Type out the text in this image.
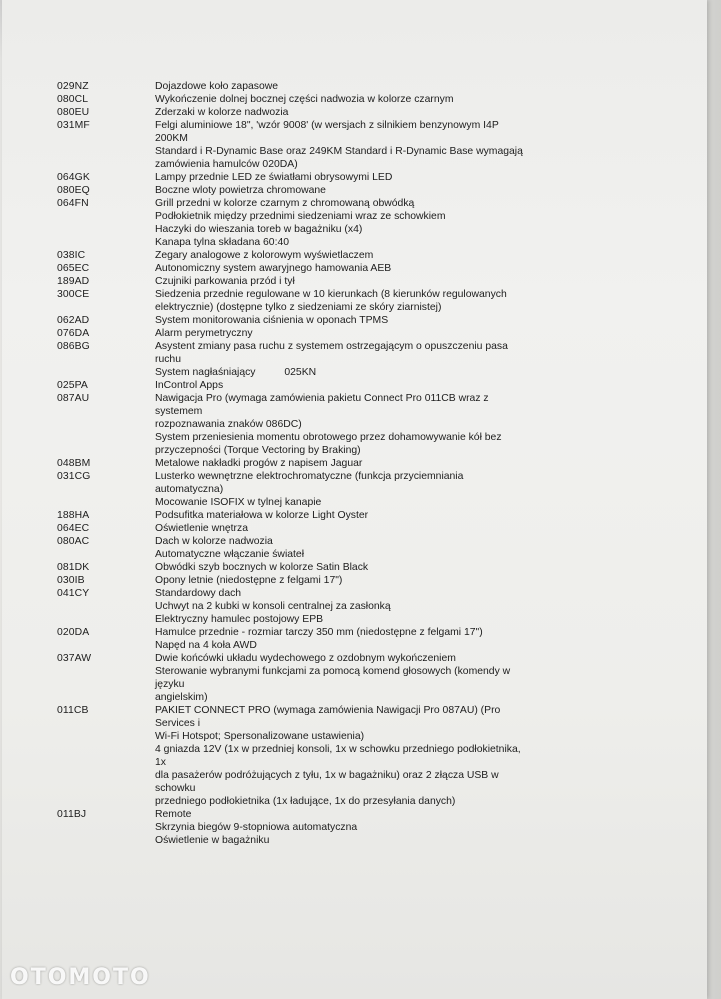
029NZ	Dojazdowe koło zapasowe
080CL	Wykończenie dolnej bocznej części nadwozia w kolorze czarnym
080EU	Zderzaki w kolorze nadwozia
031MF	Felgi aluminiowe 18", 'wzór 9008' (w wersjach z silnikiem benzynowym I4P 200KM
Standard i R-Dynamic Base oraz 249KM Standard i R-Dynamic Base wymagają
zamówienia hamulców 020DA)
064GK	Lampy przednie LED ze światłami obrysowymi LED
080EQ	Boczne wloty powietrza chromowane
064FN	Grill przedni w kolorze czarnym z chromowaną obwódką
Podłokietnik między przednimi siedzeniami wraz ze schowkiem
Haczyki do wieszania toreb w bagażniku (x4)
Kanapa tylna składana 60:40
038IC	Zegary analogowe z kolorowym wyświetlaczem
065EC	Autonomiczny system awaryjnego hamowania AEB
189AD	Czujniki parkowania przód i tył
300CE	Siedzenia przednie regulowane w 10 kierunkach (8 kierunków regulowanych
elektrycznie) (dostępne tylko z siedzeniami ze skóry ziarnistej)
062AD	System monitorowania ciśnienia w oponach TPMS
076DA	Alarm perymetryczny
086BG	Asystent zmiany pasa ruchu z systemem ostrzegającym o opuszczeniu pasa ruchu
System nagłaśniający          025KN
025PA	InControl Apps
087AU	Nawigacja Pro (wymaga zamówienia pakietu Connect Pro 011CB wraz z systemem
rozpoznawania znaków 086DC)
System przeniesienia momentu obrotowego przez dohamowywanie kół bez
przyczepności (Torque Vectoring by Braking)
048BM	Metalowe nakładki progów z napisem Jaguar
031CG	Lusterko wewnętrzne elektrochromatyczne (funkcja przyciemniania automatyczna)
Mocowanie ISOFIX w tylnej kanapie
188HA	Podsufitka materiałowa w kolorze Light Oyster
064EC	Oświetlenie wnętrza
080AC	Dach w kolorze nadwozia
Automatyczne włączanie świateł
081DK	Obwódki szyb bocznych w kolorze Satin Black
030IB	Opony letnie (niedostępne z felgami 17")
041CY	Standardowy dach
Uchwyt na 2 kubki w konsoli centralnej za zasłonką
Elektryczny hamulec postojowy EPB
020DA	Hamulce przednie - rozmiar tarczy 350 mm (niedostępne z felgami 17")
Napęd na 4 koła AWD
037AW	Dwie końcówki układu wydechowego z ozdobnym wykończeniem
Sterowanie wybranymi funkcjami za pomocą komend głosowych (komendy w języku
angielskim)
011CB	PAKIET CONNECT PRO (wymaga zamówienia Nawigacji Pro 087AU) (Pro Services i
Wi-Fi Hotspot; Spersonalizowane ustawienia)
4 gniazda 12V (1x w przedniej konsoli, 1x w schowku przedniego podłokietnika, 1x
dla pasażerów podróżujących z tyłu, 1x w bagażniku) oraz 2 złącza USB w schowku
przedniego podłokietnika (1x ładujące, 1x do przesyłania danych)
011BJ	Remote
Skrzynia biegów 9-stopniowa automatyczna
Oświetlenie w bagażniku
OTOMOTO
